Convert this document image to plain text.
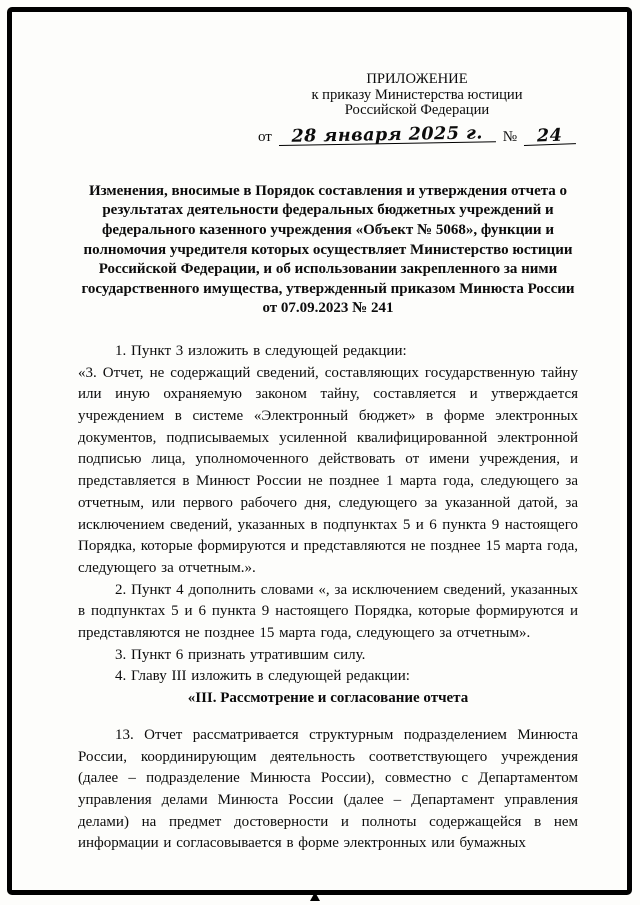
ПРИЛОЖЕНИЕ
к приказу Министерства юстиции
Российской Федерации
от	28 января 2025 г.	№	24

Изменения, вносимые в Порядок составления и утверждения отчета о результатах деятельности федеральных бюджетных учреждений и федерального казенного учреждения «Объект № 5068», функции и полномочия учредителя которых осуществляет Министерство юстиции Российской Федерации, и об использовании закрепленного за ними государственного имущества, утвержденный приказом Минюста России от 07.09.2023 № 241

1. Пункт 3 изложить в следующей редакции:

«3. Отчет, не содержащий сведений, составляющих государственную тайну или иную охраняемую законом тайну, составляется и утверждается учреждением в системе «Электронный бюджет» в форме электронных документов, подписываемых усиленной квалифицированной электронной подписью лица, уполномоченного действовать от имени учреждения, и представляется в Минюст России не позднее 1 марта года, следующего за отчетным, или первого рабочего дня, следующего за указанной датой, за исключением сведений, указанных в подпунктах 5 и 6 пункта 9 настоящего Порядка, которые формируются и представляются не позднее 15 марта года, следующего за отчетным.».

2. Пункт 4 дополнить словами «, за исключением сведений, указанных в подпунктах 5 и 6 пункта 9 настоящего Порядка, которые формируются и представляются не позднее 15 марта года, следующего за отчетным».

3. Пункт 6 признать утратившим силу.

4. Главу III изложить в следующей редакции:

«III. Рассмотрение и согласование отчета

13. Отчет рассматривается структурным подразделением Минюста России, координирующим деятельность соответствующего учреждения (далее – подразделение Минюста России), совместно с Департаментом управления делами Минюста России (далее – Департамент управления делами) на предмет достоверности и полноты содержащейся в нем информации и согласовывается в форме электронных или бумажных
